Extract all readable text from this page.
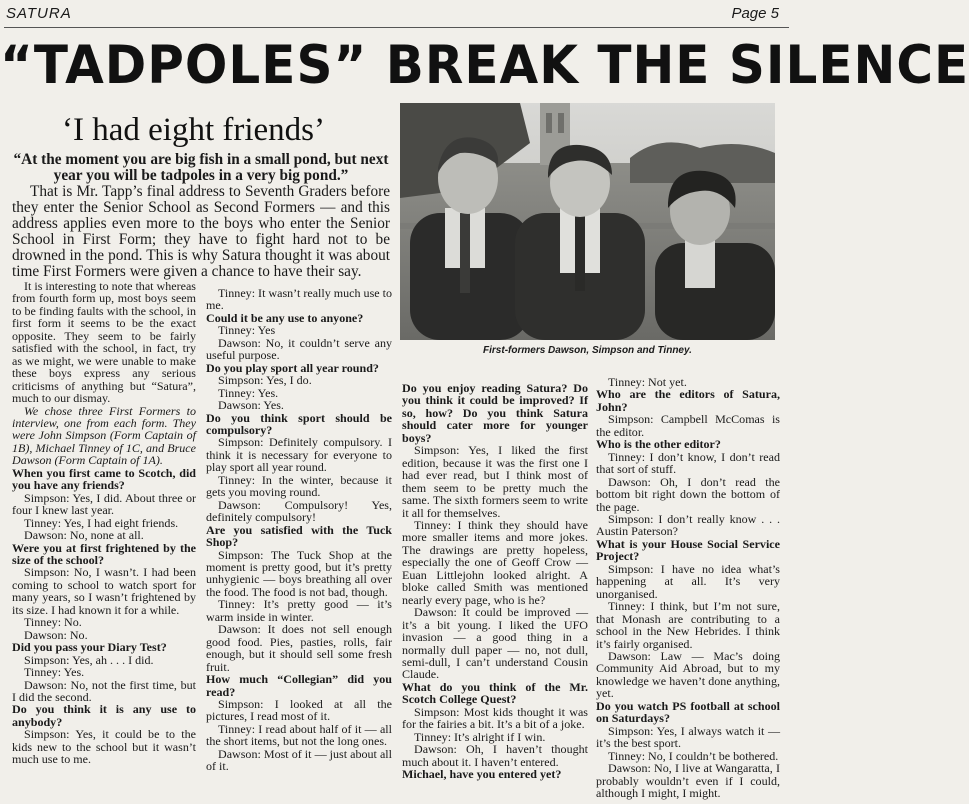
SATURA	Page 5
“TADPOLES” BREAK THE SILENCE
‘I had eight friends’

“At the moment you are big fish in a small pond, but next year you will be tadpoles in a very big pond.”

That is Mr. Tapp’s final address to Seventh Graders before they enter the Senior School as Second Formers — and this address applies even more to the boys who enter the Senior School in First Form; they have to fight hard not to be drowned in the pond. This is why Satura thought it was about time First Formers were given a chance to have their say.

First-formers Dawson, Simpson and Tinney.

It is interesting to note that whereas from fourth form up, most boys seem to be finding faults with the school, in first form it seems to be the exact opposite. They seem to be fairly satisfied with the school, in fact, try as we might, we were unable to make these boys express any serious criticisms of anything but “Satura”, much to our dismay.

We chose three First Formers to interview, one from each form. They were John Simpson (Form Captain of 1B), Michael Tinney of 1C, and Bruce Dawson (Form Captain of 1A).

When you first came to Scotch, did you have any friends?

Simpson: Yes, I did. About three or four I knew last year.

Tinney: Yes, I had eight friends.

Dawson: No, none at all.

Were you at first frightened by the size of the school?

Simpson: No, I wasn’t. I had been coming to school to watch sport for many years, so I wasn’t frightened by its size. I had known it for a while.

Tinney: No.

Dawson: No.

Did you pass your Diary Test?

Simpson: Yes, ah . . . I did.

Tinney: Yes.

Dawson: No, not the first time, but I did the second.

Do you think it is any use to anybody?

Simpson: Yes, it could be to the kids new to the school but it wasn’t much use to me.

Tinney: It wasn’t really much use to me.

Could it be any use to anyone?

Tinney: Yes

Dawson: No, it couldn’t serve any useful purpose.

Do you play sport all year round?

Simpson: Yes, I do.

Tinney: Yes.

Dawson: Yes.

Do you think sport should be compulsory?

Simpson: Definitely compulsory. I think it is necessary for everyone to play sport all year round.

Tinney: In the winter, because it gets you moving round.

Dawson: Compulsory! Yes, definitely compulsory!

Are you satisfied with the Tuck Shop?

Simpson: The Tuck Shop at the moment is pretty good, but it’s pretty unhygienic — boys breathing all over the food. The food is not bad, though.

Tinney: It’s pretty good — it’s warm inside in winter.

Dawson: It does not sell enough good food. Pies, pasties, rolls, fair enough, but it should sell some fresh fruit.

How much “Collegian” did you read?

Simpson: I looked at all the pictures, I read most of it.

Tinney: I read about half of it — all the short items, but not the long ones.

Dawson: Most of it — just about all of it.

Do you enjoy reading Satura? Do you think it could be improved? If so, how? Do you think Satura should cater more for younger boys?

Simpson: Yes, I liked the first edition, because it was the first one I had ever read, but I think most of them seem to be pretty much the same. The sixth formers seem to write it all for themselves.

Tinney: I think they should have more smaller items and more jokes. The drawings are pretty hopeless, especially the one of Geoff Crow — Euan Littlejohn looked alright. A bloke called Smith was mentioned nearly every page, who is he?

Dawson: It could be improved — it’s a bit young. I liked the UFO invasion — a good thing in a normally dull paper — no, not dull, semi-dull, I can’t understand Cousin Claude.

What do you think of the Mr. Scotch College Quest?

Simpson: Most kids thought it was for the fairies a bit. It’s a bit of a joke.

Tinney: It’s alright if I win.

Dawson: Oh, I haven’t thought much about it. I haven’t entered.

Michael, have you entered yet?

Tinney: Not yet.

Who are the editors of Satura, John?

Simpson: Campbell McComas is the editor.

Who is the other editor?

Tinney: I don’t know, I don’t read that sort of stuff.

Dawson: Oh, I don’t read the bottom bit right down the bottom of the page.

Simpson: I don’t really know . . . Austin Paterson?

What is your House Social Service Project?

Simpson: I have no idea what’s happening at all. It’s very unorganised.

Tinney: I think, but I’m not sure, that Monash are contributing to a school in the New Hebrides. I think it’s fairly organised.

Dawson: Law — Mac’s doing Community Aid Abroad, but to my knowledge we haven’t done anything, yet.

Do you watch PS football at school on Saturdays?

Simpson: Yes, I always watch it — it’s the best sport.

Tinney: No, I couldn’t be bothered.

Dawson: No, I live at Wangaratta, I probably wouldn’t even if I could, although I might, I might.
